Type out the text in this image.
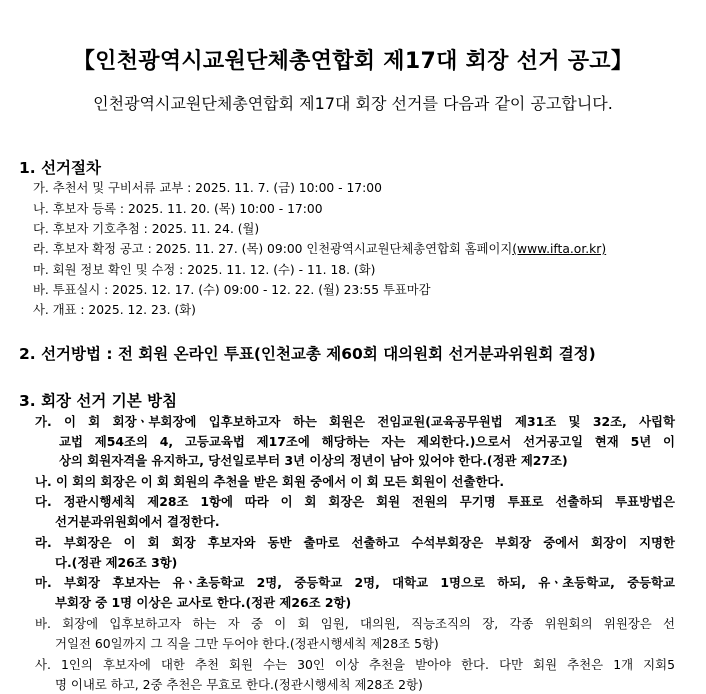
【인천광역시교원단체총연합회 제17대 회장 선거 공고】
인천광역시교원단체총연합회 제17대 회장 선거를 다음과 같이 공고합니다.
1. 선거절차
가. 추천서 및 구비서류 교부 : 2025. 11. 7. (금) 10:00 - 17:00
나. 후보자 등록 : 2025. 11. 20. (목) 10:00 - 17:00
다. 후보자 기호추첨 : 2025. 11. 24. (월)
라. 후보자 확정 공고 : 2025. 11. 27. (목) 09:00 인천광역시교원단체총연합회 홈페이지(www.ifta.or.kr)
마. 회원 정보 확인 및 수정 : 2025. 11. 12. (수) - 11. 18. (화)
바. 투표실시 : 2025. 12. 17. (수) 09:00 - 12. 22. (월) 23:55 투표마감
사. 개표 : 2025. 12. 23. (화)
2. 선거방법 : 전 회원 온라인 투표(인천교총 제60회 대의원회 선거분과위원회 결정)
3. 회장 선거 기본 방침
가. 이 회 회장ㆍ부회장에 입후보하고자 하는 회원은 전임교원(교육공무원법 제31조 및 32조, 사립학
교법 제54조의 4, 고등교육법 제17조에 해당하는 자는 제외한다.)으로서 선거공고일 현재 5년 이
상의 회원자격을 유지하고, 당선일로부터 3년 이상의 정년이 남아 있어야 한다.(정관 제27조)
나. 이 회의 회장은 이 회 회원의 추천을 받은 회원 중에서 이 회 모든 회원이 선출한다.
다. 정관시행세칙 제28조 1항에 따라 이 회 회장은 회원 전원의 무기명 투표로 선출하되 투표방법은
선거분과위원회에서 결정한다.
라. 부회장은 이 회 회장 후보자와 동반 출마로 선출하고 수석부회장은 부회장 중에서 회장이 지명한
다.(정관 제26조 3항)
마. 부회장 후보자는 유ㆍ초등학교 2명, 중등학교 2명, 대학교 1명으로 하되, 유ㆍ초등학교, 중등학교
부회장 중 1명 이상은 교사로 한다.(정관 제26조 2항)
바. 회장에 입후보하고자 하는 자 중 이 회 임원, 대의원, 직능조직의 장, 각종 위원회의 위원장은 선
거일전 60일까지 그 직을 그만 두어야 한다.(정관시행세칙 제28조 5항)
사. 1인의 후보자에 대한 추천 회원 수는 30인 이상 추천을 받아야 한다. 다만 회원 추천은 1개 지회5
명 이내로 하고, 2중 추천은 무효로 한다.(정관시행세칙 제28조 2항)
